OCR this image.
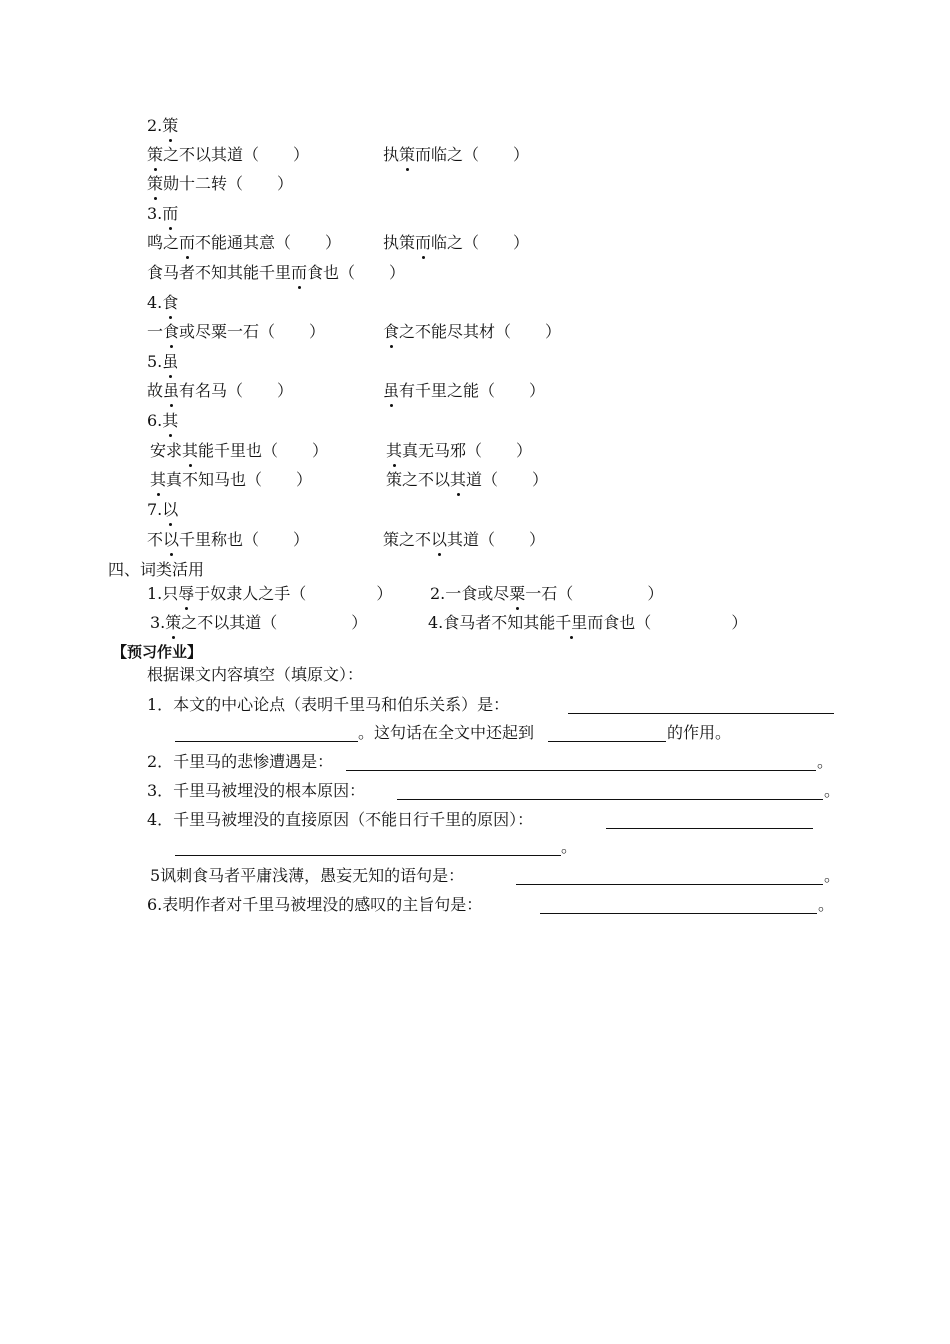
2.策
策之不以其道（ ）	执策而临之（ ）
策勋十二转（ ）
3.而
鸣之而不能通其意（ ）	执策而临之（ ）
食马者不知其能千里而食也（ ）
4.食
一食或尽粟一石（ ）	食之不能尽其材（ ）
5.虽
故虽有名马（ ）	虽有千里之能（ ）
6.其
安求其能千里也（ ）	其真无马邪（ ）
其真不知马也（ ）	策之不以其道（ ）
7.以
不以千里称也（ ）	策之不以其道（ ）
四、词类活用
1.只辱于奴隶人之手（	） 2.一食或尽粟一石（	）
3.策之不以其道（	）	4.食马者不知其能千里而食也（	）
【预习作业】
根据课文内容填空（填原文）：
1．本文的中心论点（表明千里马和伯乐关系）是：
。这句话在全文中还起到	的作用。
2．千里马的悲惨遭遇是：	。
3．千里马被埋没的根本原因：	。
4．千里马被埋没的直接原因（不能日行千里的原因）：
。
5讽刺食马者平庸浅薄，愚妄无知的语句是：	。
6.表明作者对千里马被埋没的感叹的主旨句是：	。
